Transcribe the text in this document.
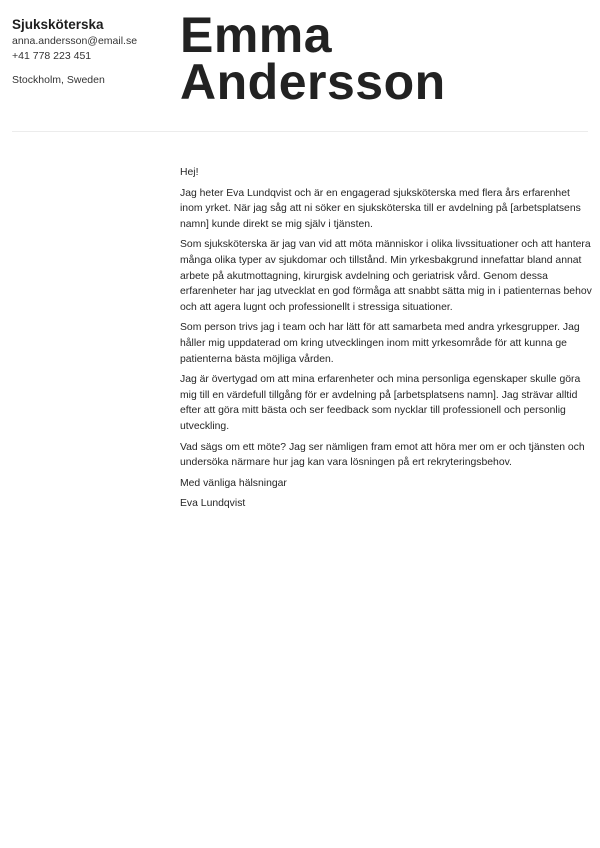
Sjuksköterska
anna.andersson@email.se
+41 778 223 451
Stockholm, Sweden
Emma
Andersson

Hej!

Jag heter Eva Lundqvist och är en engagerad sjuksköterska med flera års erfarenhet inom yrket. När jag såg att ni söker en sjuksköterska till er avdelning på [arbetsplatsens namn] kunde direkt se mig själv i tjänsten.

Som sjuksköterska är jag van vid att möta människor i olika livssituationer och att hantera många olika typer av sjukdomar och tillstånd. Min yrkesbakgrund innefattar bland annat arbete på akutmottagning, kirurgisk avdelning och geriatrisk vård. Genom dessa erfarenheter har jag utvecklat en god förmåga att snabbt sätta mig in i patienternas behov och att agera lugnt och professionellt i stressiga situationer.

Som person trivs jag i team och har lätt för att samarbeta med andra yrkesgrupper. Jag håller mig uppdaterad om kring utvecklingen inom mitt yrkesområde för att kunna ge patienterna bästa möjliga vården.

Jag är övertygad om att mina erfarenheter och mina personliga egenskaper skulle göra mig till en värdefull tillgång för er avdelning på [arbetsplatsens namn]. Jag strävar alltid efter att göra mitt bästa och ser feedback som nycklar till professionell och personlig utveckling.

Vad sägs om ett möte? Jag ser nämligen fram emot att höra mer om er och tjänsten och undersöka närmare hur jag kan vara lösningen på ert rekryteringsbehov.

Med vänliga hälsningar

Eva Lundqvist
